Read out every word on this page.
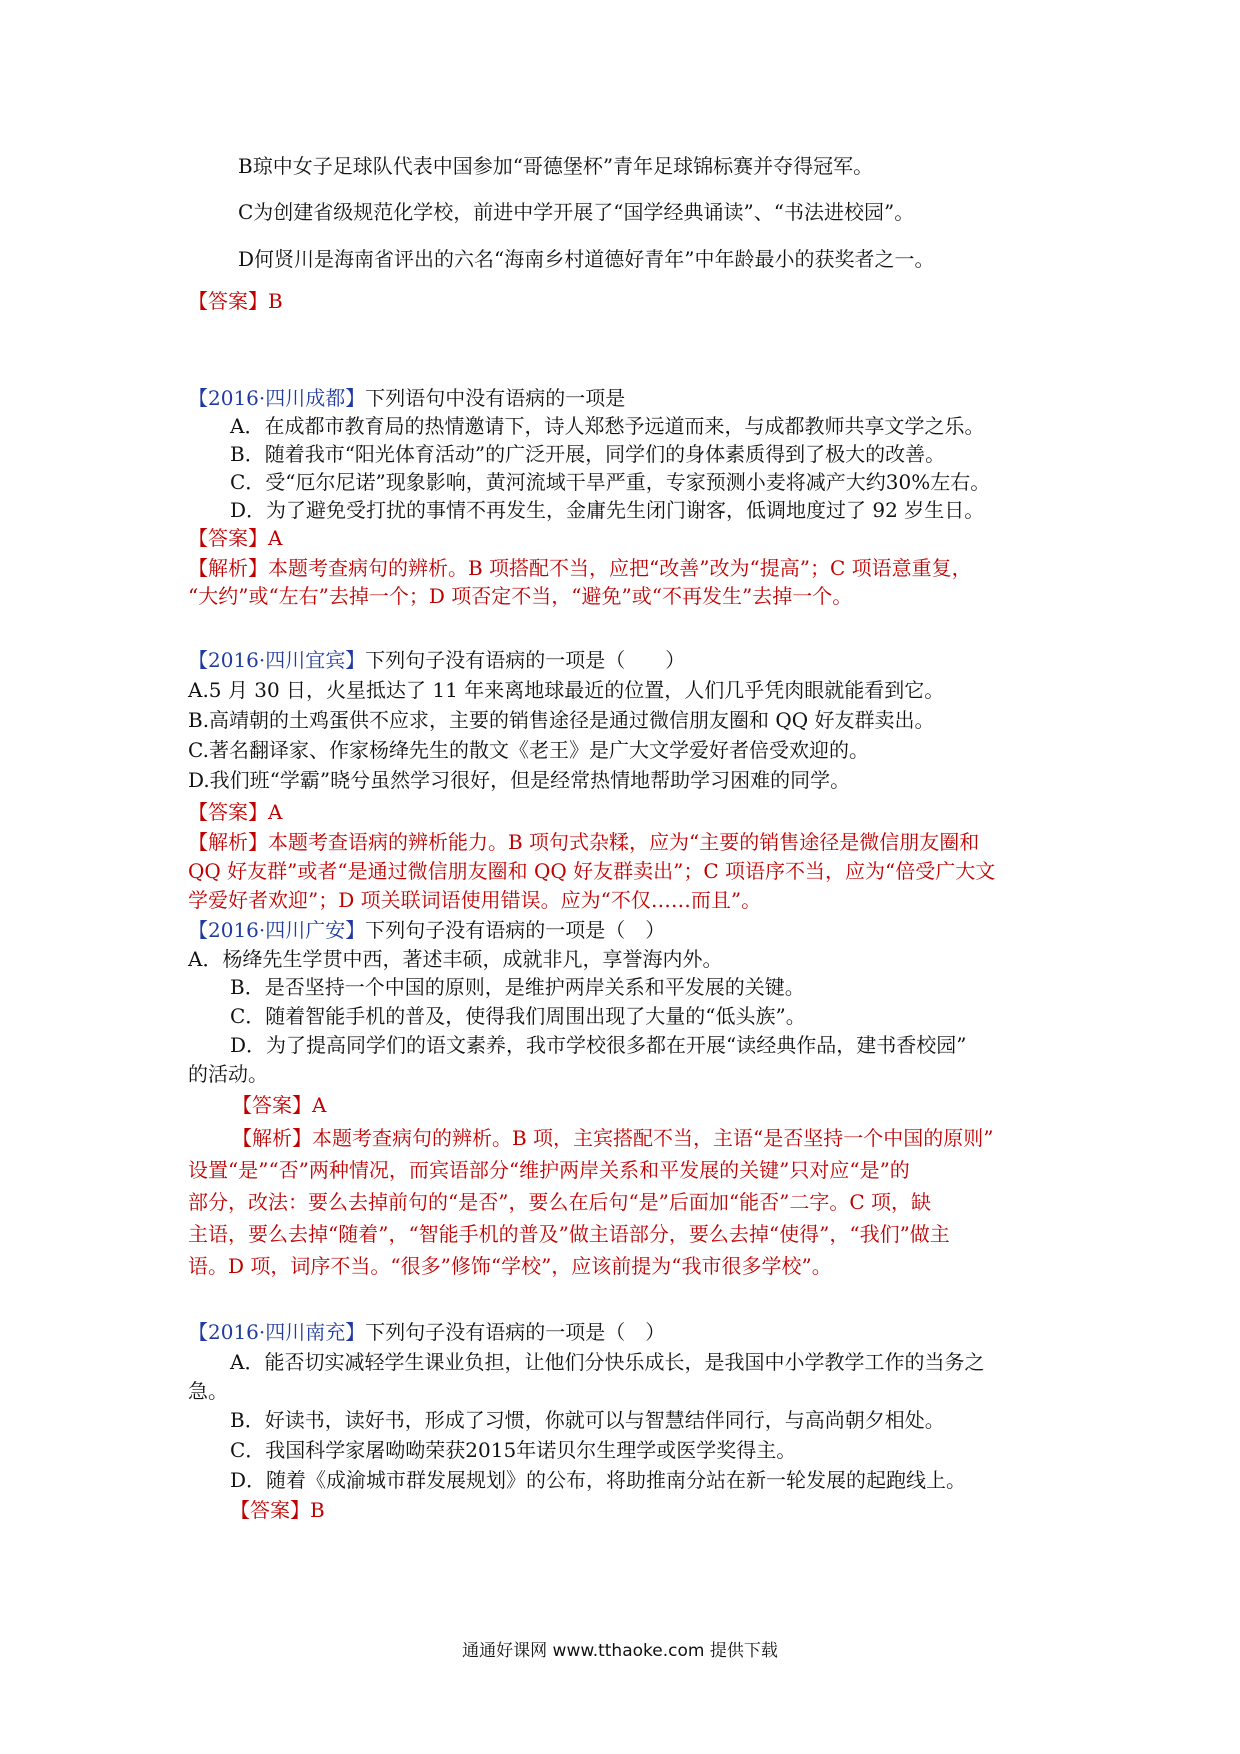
B琼中女子足球队代表中国参加“哥德堡杯”青年足球锦标赛并夺得冠军。
C为创建省级规范化学校，前进中学开展了“国学经典诵读”、“书法进校园”。
D何贤川是海南省评出的六名“海南乡村道德好青年”中年龄最小的获奖者之一。
【答案】B
【2016·四川成都】下列语句中没有语病的一项是
A．在成都市教育局的热情邀请下，诗人郑愁予远道而来，与成都教师共享文学之乐。
B．随着我市“阳光体育活动”的广泛开展，同学们的身体素质得到了极大的改善。
C．受“厄尔尼诺”现象影响，黄河流域干旱严重，专家预测小麦将减产大约30%左右。
D．为了避免受打扰的事情不再发生，金庸先生闭门谢客，低调地度过了 92 岁生日。
【答案】A
【解析】本题考查病句的辨析。B 项搭配不当，应把“改善”改为“提高”；C 项语意重复，
“大约”或“左右”去掉一个；D 项否定不当，“避免”或“不再发生”去掉一个。
【2016·四川宜宾】下列句子没有语病的一项是（　　）
A.5 月 30 日，火星抵达了 11 年来离地球最近的位置，人们几乎凭肉眼就能看到它。
B.高靖朝的土鸡蛋供不应求，主要的销售途径是通过微信朋友圈和 QQ 好友群卖出。
C.著名翻译家、作家杨绛先生的散文《老王》是广大文学爱好者倍受欢迎的。
D.我们班“学霸”晓兮虽然学习很好，但是经常热情地帮助学习困难的同学。
【答案】A
【解析】本题考查语病的辨析能力。B 项句式杂糅，应为“主要的销售途径是微信朋友圈和
QQ 好友群”或者“是通过微信朋友圈和 QQ 好友群卖出”；C 项语序不当，应为“倍受广大文
学爱好者欢迎”；D 项关联词语使用错误。应为“不仅……而且”。
【2016·四川广安】下列句子没有语病的一项是（　）
A．杨绛先生学贯中西，著述丰硕，成就非凡，享誉海内外。
B．是否坚持一个中国的原则，是维护两岸关系和平发展的关键。
C．随着智能手机的普及，使得我们周围出现了大量的“低头族”。
D．为了提高同学们的语文素养，我市学校很多都在开展“读经典作品，建书香校园”
的活动。
【答案】A
【解析】本题考查病句的辨析。B 项，主宾搭配不当，主语“是否坚持一个中国的原则”
设置“是”“否”两种情况，而宾语部分“维护两岸关系和平发展的关键”只对应“是”的
部分，改法：要么去掉前句的“是否”，要么在后句“是”后面加“能否”二字。C 项，缺
主语，要么去掉“随着”，“智能手机的普及”做主语部分，要么去掉“使得”，“我们”做主
语。D 项，词序不当。“很多”修饰“学校”，应该前提为“我市很多学校”。
【2016·四川南充】下列句子没有语病的一项是（　）
A．能否切实减轻学生课业负担，让他们分快乐成长，是我国中小学教学工作的当务之
急。
B．好读书，读好书，形成了习惯，你就可以与智慧结伴同行，与高尚朝夕相处。
C．我国科学家屠呦呦荣获2015年诺贝尔生理学或医学奖得主。
D．随着《成渝城市群发展规划》的公布，将助推南分站在新一轮发展的起跑线上。
【答案】B
通通好课网 www.tthaoke.com 提供下载
